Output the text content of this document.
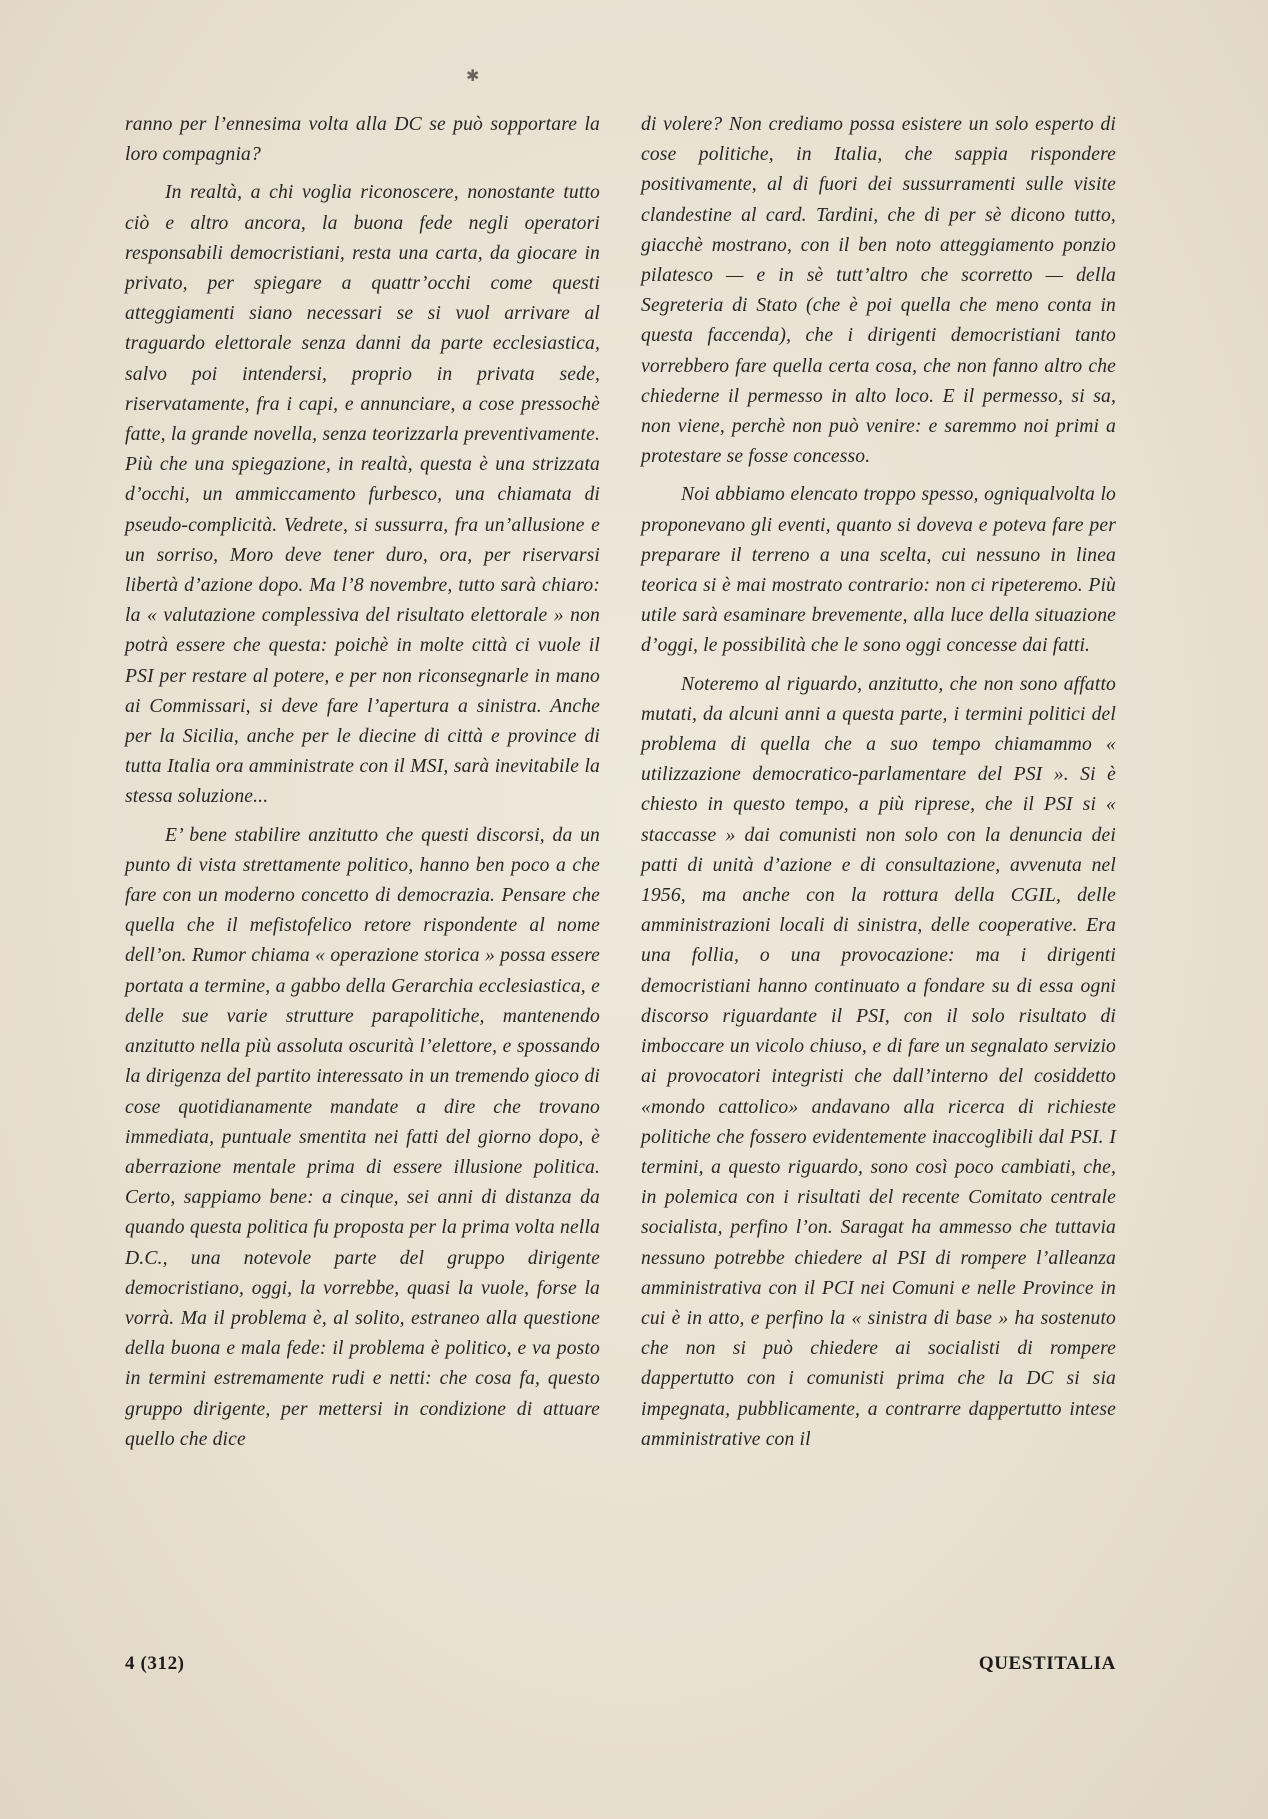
✱

ranno per l’ennesima volta alla DC se può sopportare la loro compagnia?

In realtà, a chi voglia riconoscere, nonostante tutto ciò e altro ancora, la buona fede negli operatori responsabili democristiani, resta una carta, da giocare in privato, per spiegare a quattr’occhi come questi atteggiamenti siano necessari se si vuol arrivare al traguardo elettorale senza danni da parte ecclesiastica, salvo poi intendersi, proprio in privata sede, riservatamente, fra i capi, e annunciare, a cose pressochè fatte, la grande novella, senza teorizzarla preventivamente. Più che una spiegazione, in realtà, questa è una strizzata d’occhi, un ammiccamento furbesco, una chiamata di pseudo-complicità. Vedrete, si sussurra, fra un’allusione e un sorriso, Moro deve tener duro, ora, per riservarsi libertà d’azione dopo. Ma l’8 novembre, tutto sarà chiaro: la « valutazione complessiva del risultato elettorale » non potrà essere che questa: poichè in molte città ci vuole il PSI per restare al potere, e per non riconsegnarle in mano ai Commissari, si deve fare l’apertura a sinistra. Anche per la Sicilia, anche per le diecine di città e province di tutta Italia ora amministrate con il MSI, sarà inevitabile la stessa soluzione...

E’ bene stabilire anzitutto che questi discorsi, da un punto di vista strettamente politico, hanno ben poco a che fare con un moderno concetto di democrazia. Pensare che quella che il mefistofelico retore rispondente al nome dell’on. Rumor chiama « operazione storica » possa essere portata a termine, a gabbo della Gerarchia ecclesiastica, e delle sue varie strutture parapolitiche, mantenendo anzitutto nella più assoluta oscurità l’elettore, e spossando la dirigenza del partito interessato in un tremendo gioco di cose quotidianamente mandate a dire che trovano immediata, puntuale smentita nei fatti del giorno dopo, è aberrazione mentale prima di essere illusione politica. Certo, sappiamo bene: a cinque, sei anni di distanza da quando questa politica fu proposta per la prima volta nella D.C., una notevole parte del gruppo dirigente democristiano, oggi, la vorrebbe, quasi la vuole, forse la vorrà. Ma il problema è, al solito, estraneo alla questione della buona e mala fede: il problema è politico, e va posto in termini estremamente rudi e netti: che cosa fa, questo gruppo dirigente, per mettersi in condizione di attuare quello che dice

di volere? Non crediamo possa esistere un solo esperto di cose politiche, in Italia, che sappia rispondere positivamente, al di fuori dei sussurramenti sulle visite clandestine al card. Tardini, che di per sè dicono tutto, giacchè mostrano, con il ben noto atteggiamento ponzio pilatesco — e in sè tutt’altro che scorretto — della Segreteria di Stato (che è poi quella che meno conta in questa faccenda), che i dirigenti democristiani tanto vorrebbero fare quella certa cosa, che non fanno altro che chiederne il permesso in alto loco. E il permesso, si sa, non viene, perchè non può venire: e saremmo noi primi a protestare se fosse concesso.

Noi abbiamo elencato troppo spesso, ogniqualvolta lo proponevano gli eventi, quanto si doveva e poteva fare per preparare il terreno a una scelta, cui nessuno in linea teorica si è mai mostrato contrario: non ci ripeteremo. Più utile sarà esaminare brevemente, alla luce della situazione d’oggi, le possibilità che le sono oggi concesse dai fatti.

Noteremo al riguardo, anzitutto, che non sono affatto mutati, da alcuni anni a questa parte, i termini politici del problema di quella che a suo tempo chiamammo « utilizzazione democratico-parlamentare del PSI ». Si è chiesto in questo tempo, a più riprese, che il PSI si « staccasse » dai comunisti non solo con la denuncia dei patti di unità d’azione e di consultazione, avvenuta nel 1956, ma anche con la rottura della CGIL, delle amministrazioni locali di sinistra, delle cooperative. Era una follia, o una provocazione: ma i dirigenti democristiani hanno continuato a fondare su di essa ogni discorso riguardante il PSI, con il solo risultato di imboccare un vicolo chiuso, e di fare un segnalato servizio ai provocatori integristi che dall’interno del cosiddetto «mondo cattolico» andavano alla ricerca di richieste politiche che fossero evidentemente inaccoglibili dal PSI. I termini, a questo riguardo, sono così poco cambiati, che, in polemica con i risultati del recente Comitato centrale socialista, perfino l’on. Saragat ha ammesso che tuttavia nessuno potrebbe chiedere al PSI di rompere l’alleanza amministrativa con il PCI nei Comuni e nelle Province in cui è in atto, e perfino la « sinistra di base » ha sostenuto che non si può chiedere ai socialisti di rompere dappertutto con i comunisti prima che la DC si sia impegnata, pubblicamente, a contrarre dappertutto intese amministrative con il

4 (312)	QUESTITALIA
